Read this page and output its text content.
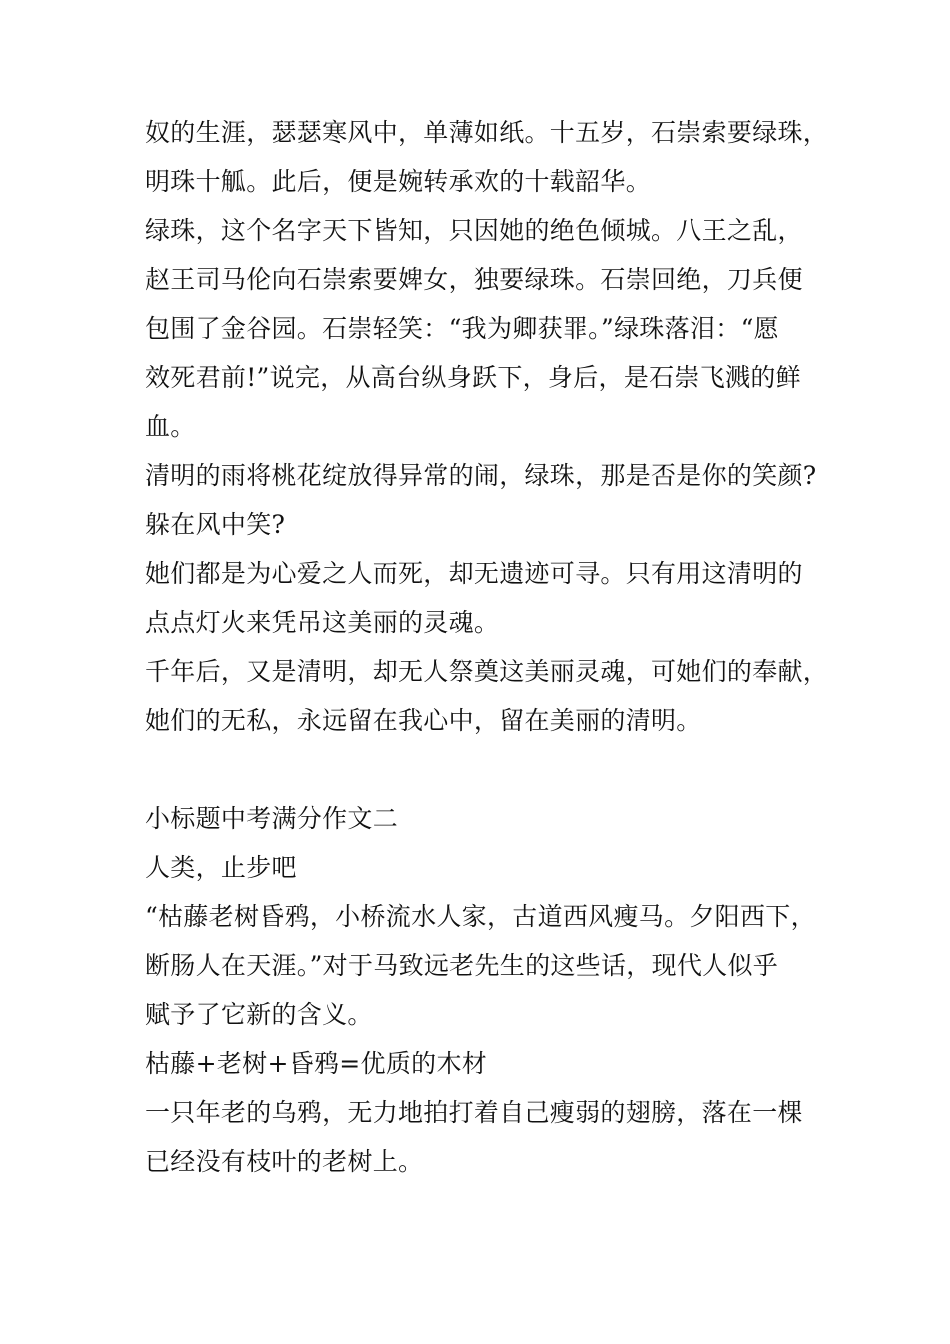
奴的生涯，瑟瑟寒风中，单薄如纸。十五岁，石崇索要绿珠，
明珠十觚。此后，便是婉转承欢的十载韶华。
绿珠，这个名字天下皆知，只因她的绝色倾城。八王之乱，
赵王司马伦向石崇索要婢女，独要绿珠。石崇回绝，刀兵便
包围了金谷园。石崇轻笑：“我为卿获罪。”绿珠落泪：“愿
效死君前!”说完，从高台纵身跃下，身后，是石崇飞溅的鲜
血。
清明的雨将桃花绽放得异常的闹，绿珠，那是否是你的笑颜?
躲在风中笑?
她们都是为心爱之人而死，却无遗迹可寻。只有用这清明的
点点灯火来凭吊这美丽的灵魂。
千年后，又是清明，却无人祭奠这美丽灵魂，可她们的奉献，
她们的无私，永远留在我心中，留在美丽的清明。
小标题中考满分作文二
人类，止步吧
“枯藤老树昏鸦，小桥流水人家，古道西风瘦马。夕阳西下，
断肠人在天涯。”对于马致远老先生的这些话，现代人似乎
赋予了它新的含义。
枯藤+老树+昏鸦=优质的木材
一只年老的乌鸦，无力地拍打着自己瘦弱的翅膀，落在一棵
已经没有枝叶的老树上。
